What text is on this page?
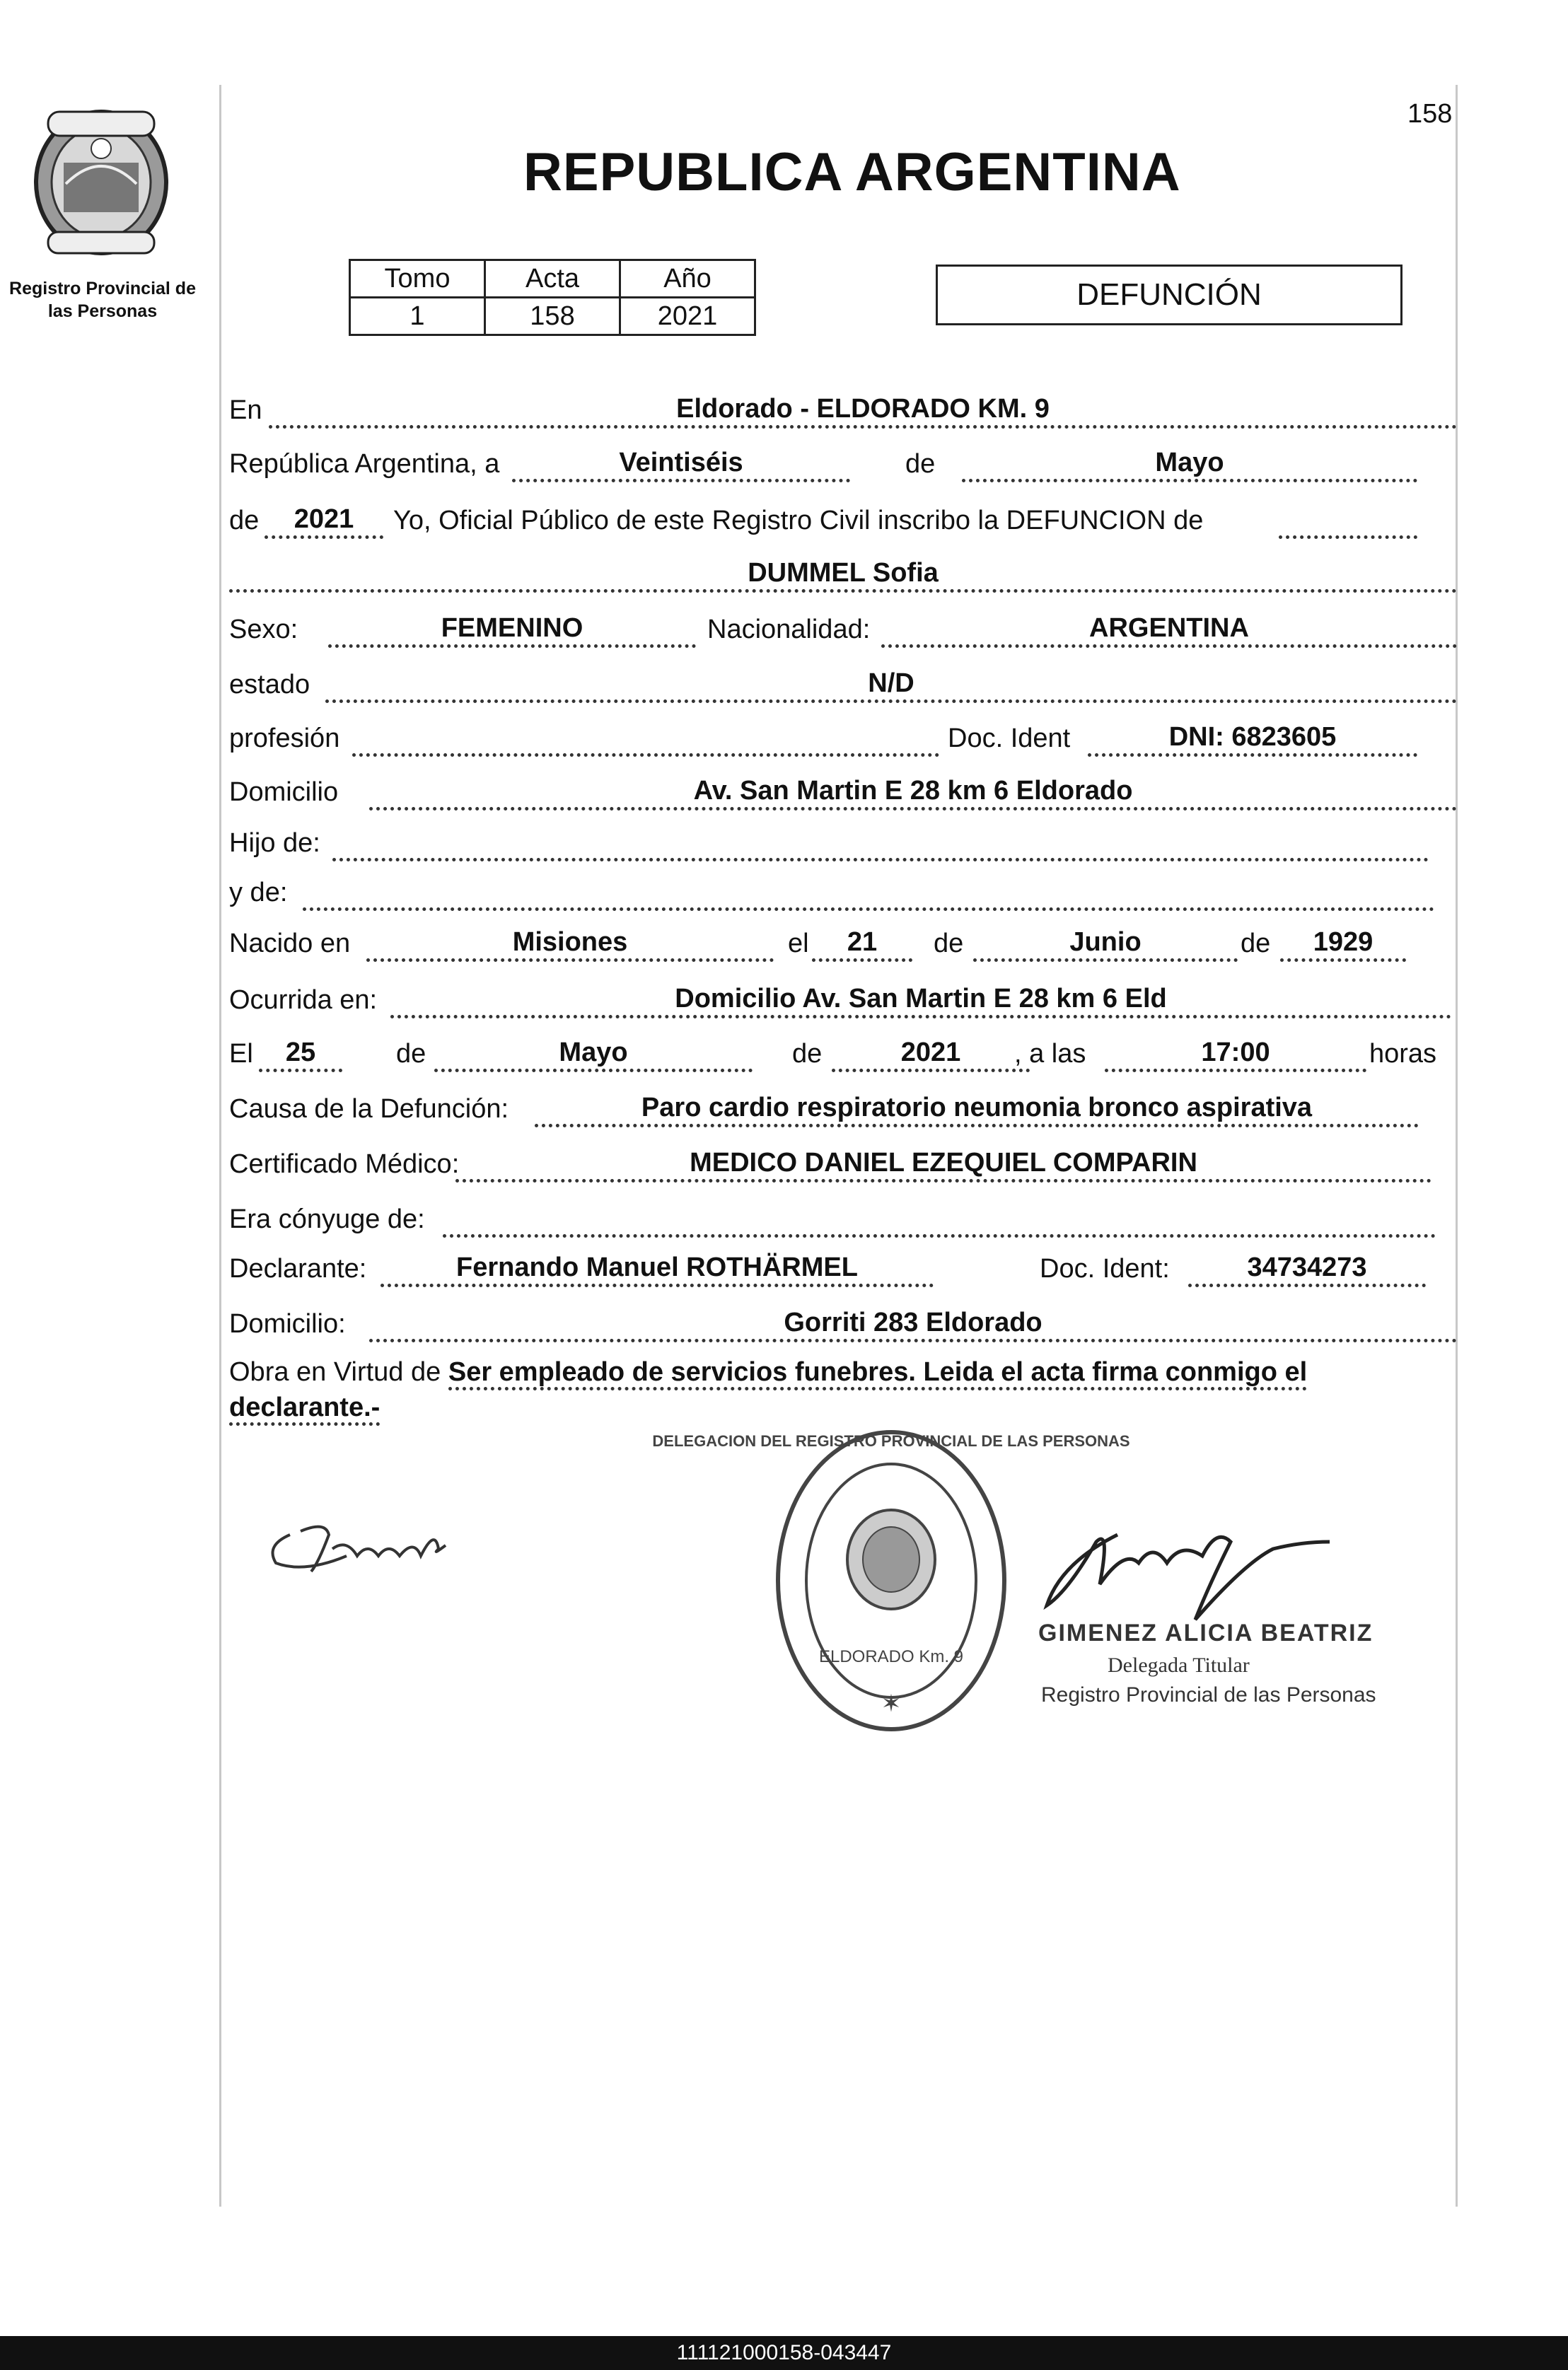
Registro Provincial de
las Personas
158
REPUBLICA ARGENTINA
Tomo	Acta	Año
1	158	2021
DEFUNCIÓN
En	Eldorado - ELDORADO KM. 9
República Argentina, a	Veintiséis	de	Mayo
de	2021	Yo, Oficial Público de este Registro Civil inscribo la DEFUNCION de
DUMMEL Sofia
Sexo:	FEMENINO	Nacionalidad:	ARGENTINA
estado	N/D
profesión	Doc. Ident	DNI: 6823605
Domicilio	Av. San Martin E 28 km 6 Eldorado
Hijo de:
y de:
Nacido en	Misiones	el	21	de	Junio	de	1929
Ocurrida en:	Domicilio Av. San Martin E 28 km 6 Eld
El	25	de	Mayo	de	2021	, a las	17:00	horas
Causa de la Defunción:	Paro cardio respiratorio neumonia bronco aspirativa
Certificado Médico:	MEDICO DANIEL EZEQUIEL COMPARIN
Era cónyuge de:
Declarante:	Fernando Manuel ROTHÄRMEL	Doc. Ident:	34734273
Domicilio:	Gorriti 283 Eldorado
Obra en Virtud de Ser empleado de servicios funebres. Leida el acta firma conmigo el declarante.-
DELEGACION DEL REGISTRO PROVINCIAL DE LAS PERSONAS
ELDORADO Km. 9
✶
GIMENEZ ALICIA BEATRIZ
Delegada Titular
Registro Provincial de las Personas
111121000158-043447
